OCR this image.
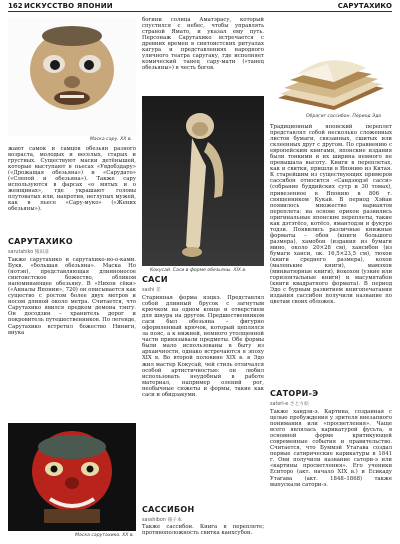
162 ИСКУССТВО ЯПОНИИ	САРУТАХИКО
Маска сару. XX в.

жают самок и самцов обезьян разного возраста, молодых и веселых, старых и грустных. Существуют маски детёнышей, которые выступают в пьесах «Увдобздару» («Дрожащая обезьяна») и «Сарудато» («Слепой и обезьяна»). Также сару используются в фарсах «о мятых и о женщинах», где украшают головы плутоватых или, напротив, неглупых мужей, как в пьесе «Сару-муко» («Жених обезьяны»).

САРУТАХИКО
sarutahiko 猿田彦

Также сарутахико и сарутахико-но-о-ками. Букв. «большая обезьяна». Маска Но (нотэн), представляющая длинноносое синтоистское божество, обликом напоминающее обезьяну. В «Нихон сёки» («Анналы Японии», 720) он описывается как существо с ростом более двух метров и носом длиной около метра. Считается, что Сарутахико явился предком демона тэнгу. Он досодзин – хранитель дорог и покровитель путешественников. По легенде, Сарутахико встретил божество Нинигн, внука

Маска сарутахико. XX в.

богини солнца Аматэрасу, который спустился с небес, чтобы управлять страной Ямато, и указал ему путь. Персонаж Сарутахико встречается с древних времен в синтоистских ритуалах кагура и представлениях народного уличного театра саругаку, где исполняет комический танец сару-мати («танец обезьяны») в честь богов.

Кокусай. Саси в форме обезьяны. XIX в.
САСИ
sashi 差

Старинная форма нэцкэ. Представлял собой длинный брусок с загнутым крючком на одном конце и отверстием для шнура на другом. Предшественником саси был обезьяна – фигурно оформленный крючок, который цеплялся за пояс, а к нижней, немного утолщенной части привязывали предметы. Обе формы были мало использованы в быту из архаичности, однако встречаются в эпоху XIX в. Во второй половине XIX в. в Эдо жил мастер Кокусай, чей стиль отличался особой артистичностью: он любил использовать неудобный в работе материал, например олений рог, необычные сюжеты и формы, такие как саси и обидзакуми.

САССИБОН
sasshibon 冊子本

Также сассибон. Книга в переплете; противоположность свитка канхсубон.

Обрагиг сассибон. Период Эдо

Традиционный японский переплет представлял собой несколько сложенных листов бумаги, связанных, сшитых или склеенных друг с другом. По сравнению с европейским книгами, японские издания были тонкими и их ширина немного не превышала высоту. Книги в переплетах, как и свитки, пришли в Японию из Китая. К старейшим из существующих примеров сассибон относится «Сандзюдзё сасси» (собрание буддийских сутр и 30 томах), привезенное в Японию в 806 г. священником Кукай. В период Хэйан появилось множество вариантов переплета: на основе орихон развились оригинальные японские переплеты, такие как дэтэтёсо, котёсо, ямантодзи и фукуро тодзи. Появились различные книжные форматы – обон (книги большого размера), хамобон (издания из бумаги мино, около 20×28 см), хансибон (из бумаги ханси, ок. 16,5×23,5 см), тюхон (книги среднего размера), кохон (маленькие книги), мамэхон (миниатюрные книги), йокохон (узкие или горизонтальные книги) и масумятабон (книги квадратного формата). В период Эдо с бурным развитием книгопечатания издания сассибон получили название по цветам своих обложек.

САТОРИ-Э
satori-e さとり絵

Также хандзи-э. Картина, созданная с целью пробуждения у зрителя внезапного понимания или «просветления». Чаще всего являлась карикатурой фусьта, в основной форме критикующей современные события и правительство. Считается, что Буммэй Утагава создал первые сатирические карикатуры в 1841 г. Они получили название сатори-э или «картины просветления». Его ученики Еситоро (акт. начало XIX в.) и Есикаду Утагава (акт. 1848–1868) также выпускали сатори-э.
